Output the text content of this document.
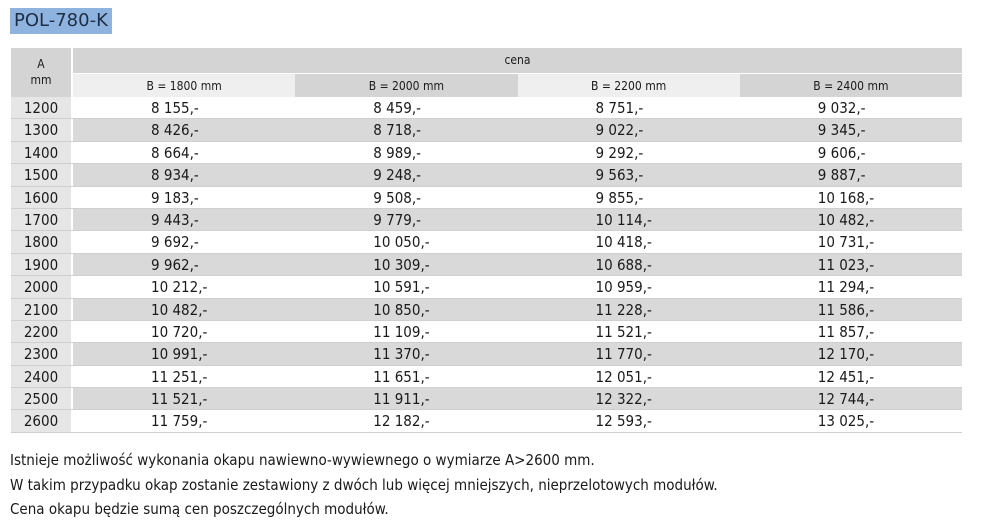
POL-780-K
A
mm
cena
B = 1800 mm	B = 2000 mm	B = 2200 mm	B = 2400 mm
1200	8 155,-	8 459,-	8 751,-	9 032,-
1300	8 426,-	8 718,-	9 022,-	9 345,-
1400	8 664,-	8 989,-	9 292,-	9 606,-
1500	8 934,-	9 248,-	9 563,-	9 887,-
1600	9 183,-	9 508,-	9 855,-	10 168,-
1700	9 443,-	9 779,-	10 114,-	10 482,-
1800	9 692,-	10 050,-	10 418,-	10 731,-
1900	9 962,-	10 309,-	10 688,-	11 023,-
2000	10 212,-	10 591,-	10 959,-	11 294,-
2100	10 482,-	10 850,-	11 228,-	11 586,-
2200	10 720,-	11 109,-	11 521,-	11 857,-
2300	10 991,-	11 370,-	11 770,-	12 170,-
2400	11 251,-	11 651,-	12 051,-	12 451,-
2500	11 521,-	11 911,-	12 322,-	12 744,-
2600	11 759,-	12 182,-	12 593,-	13 025,-
Istnieje możliwość wykonania okapu nawiewno-wywiewnego o wymiarze A>2600 mm.
W takim przypadku okap zostanie zestawiony z dwóch lub więcej mniejszych, nieprzelotowych modułów.
Cena okapu będzie sumą cen poszczególnych modułów.
